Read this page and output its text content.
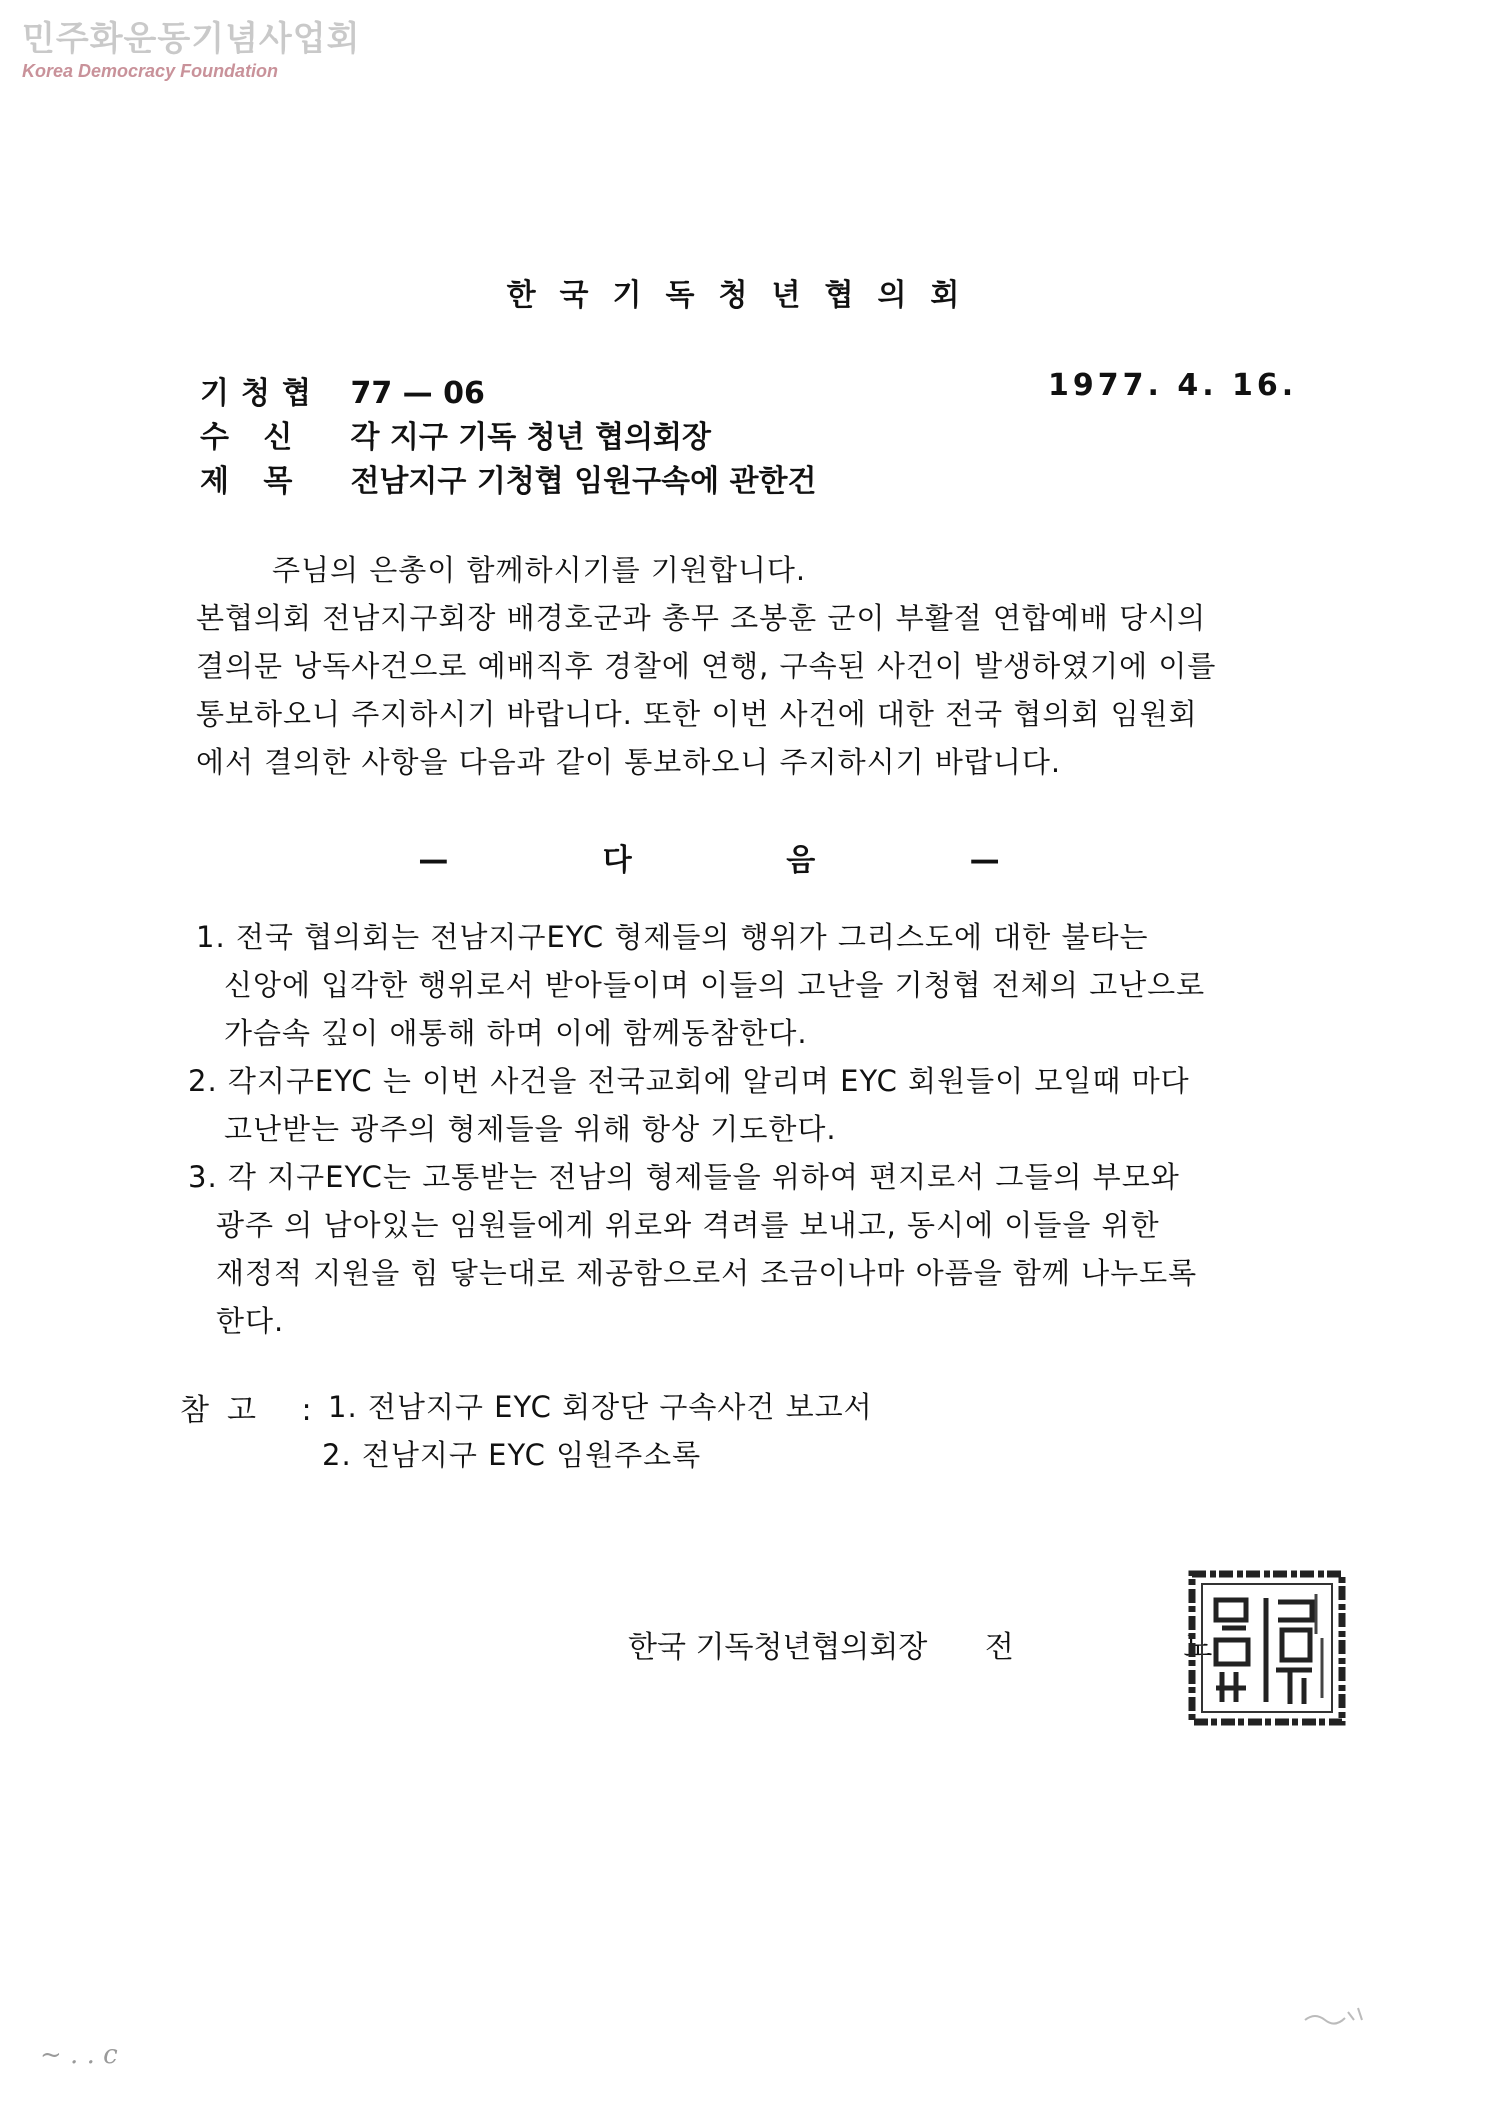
민주화운동기념사업회
Korea Democracy Foundation
한국기독청년협의회
기청협 77 — 06	1977. 4. 16.
수 신 각 지구 기독 청년 협의회장
제 목 전남지구 기청협 임원구속에 관한건
주님의 은총이 함께하시기를 기원합니다.
본협의회 전남지구회장 배경호군과 총무 조봉훈 군이 부활절 연합예배 당시의
결의문 낭독사건으로 예배직후 경찰에 연행, 구속된 사건이 발생하였기에 이를
통보하오니 주지하시기 바랍니다. 또한 이번 사건에 대한 전국 협의회 임원회
에서 결의한 사항을 다음과 같이 통보하오니 주지하시기 바랍니다.
— 다 음 —
1. 전국 협의회는 전남지구EYC 형제들의 행위가 그리스도에 대한 불타는
신앙에 입각한 행위로서 받아들이며 이들의 고난을 기청협 전체의 고난으로
가슴속 깊이 애통해 하며 이에 함께동참한다.
2. 각지구EYC 는 이번 사건을 전국교회에 알리며 EYC 회원들이 모일때 마다
고난받는 광주의 형제들을 위해 항상 기도한다.
3. 각 지구EYC는 고통받는 전남의 형제들을 위하여 편지로서 그들의 부모와
광주 의 남아있는 임원들에게 위로와 격려를 보내고, 동시에 이들을 위한
재정적 지원을 힘 닿는대로 제공함으로서 조금이나마 아픔을 함께 나누도록
한다.
참고 :
1. 전남지구 EYC 회장단 구속사건 보고서
2. 전남지구 EYC 임원주소록
한국 기독청년협의회장 전 노
~ . . c
